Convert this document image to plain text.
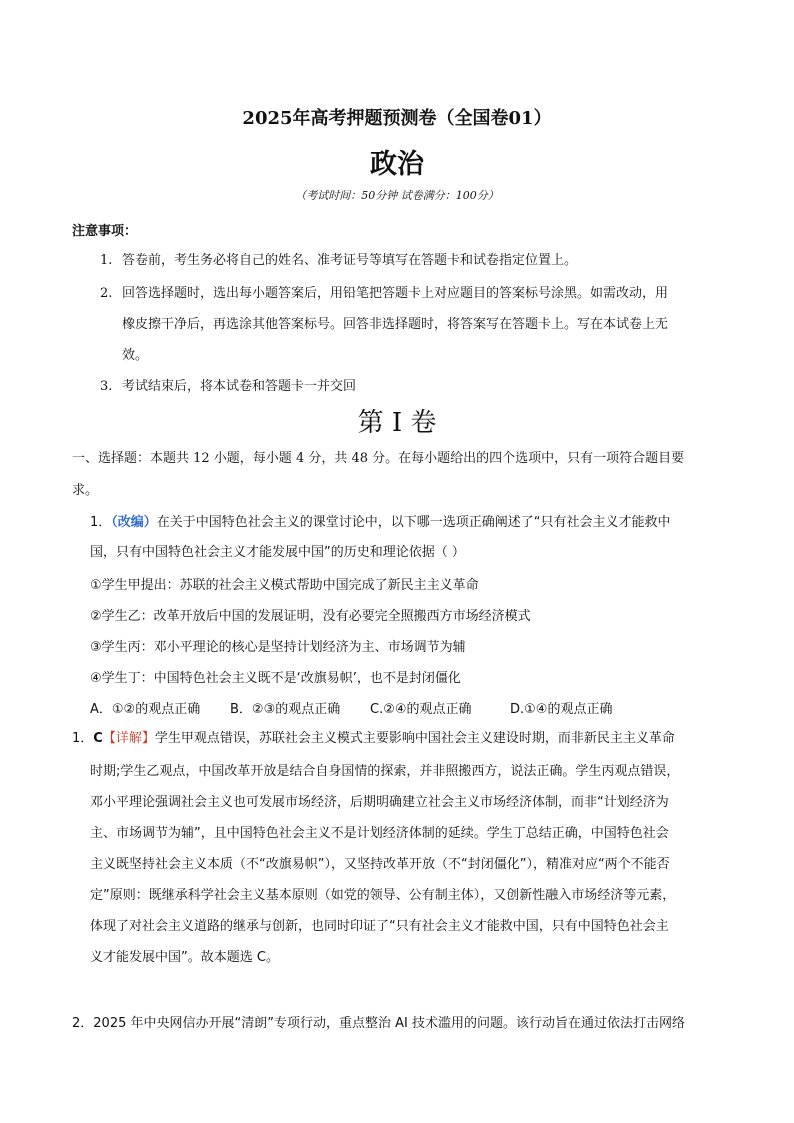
2025年高考押题预测卷（全国卷01）
政治
（考试时间：50分钟 试卷满分：100分）
注意事项：
1. 答卷前，考生务必将自己的姓名、准考证号等填写在答题卡和试卷指定位置上。
2. 回答选择题时，选出每小题答案后，用铅笔把答题卡上对应题目的答案标号涂黑。如需改动，用
橡皮擦干净后，再选涂其他答案标号。回答非选择题时，将答案写在答题卡上。写在本试卷上无
效。
3. 考试结束后，将本试卷和答题卡一并交回
第 I 卷
一、选择题：本题共 12 小题，每小题 4 分，共 48 分。在每小题给出的四个选项中，只有一项符合题目要
求。
1．（改编）在关于中国特色社会主义的课堂讨论中，以下哪一选项正确阐述了“只有社会主义才能救中
国，只有中国特色社会主义才能发展中国”的历史和理论依据（ ）
①学生甲提出：苏联的社会主义模式帮助中国完成了新民主主义革命
②学生乙：改革开放后中国的发展证明，没有必要完全照搬西方市场经济模式
③学生丙：邓小平理论的核心是坚持计划经济为主、市场调节为辅
④学生丁：中国特色社会主义既不是‘改旗易帜’，也不是封闭僵化
A．①②的观点正确 B．②③的观点正确 C.②④的观点正确	D.①④的观点正确
1．C【详解】学生甲观点错误，苏联社会主义模式主要影响中国社会主义建设时期，而非新民主主义革命
时期;学生乙观点，中国改革开放是结合自身国情的探索，并非照搬西方，说法正确。学生丙观点错误，
邓小平理论强调社会主义也可发展市场经济，后期明确建立社会主义市场经济体制，而非“计划经济为
主、市场调节为辅”，且中国特色社会主义不是计划经济体制的延续。学生丁总结正确，中国特色社会
主义既坚持社会主义本质（不“改旗易帜”），又坚持改革开放（不“封闭僵化”），精准对应“两个不能否
定”原则：既继承科学社会主义基本原则（如党的领导、公有制主体），又创新性融入市场经济等元素，
体现了对社会主义道路的继承与创新，也同时印证了“只有社会主义才能救中国，只有中国特色社会主
义才能发展中国”。故本题选 C。
2．2025 年中央网信办开展“清朗”专项行动，重点整治 AI 技术滥用的问题。该行动旨在通过依法打击网络
